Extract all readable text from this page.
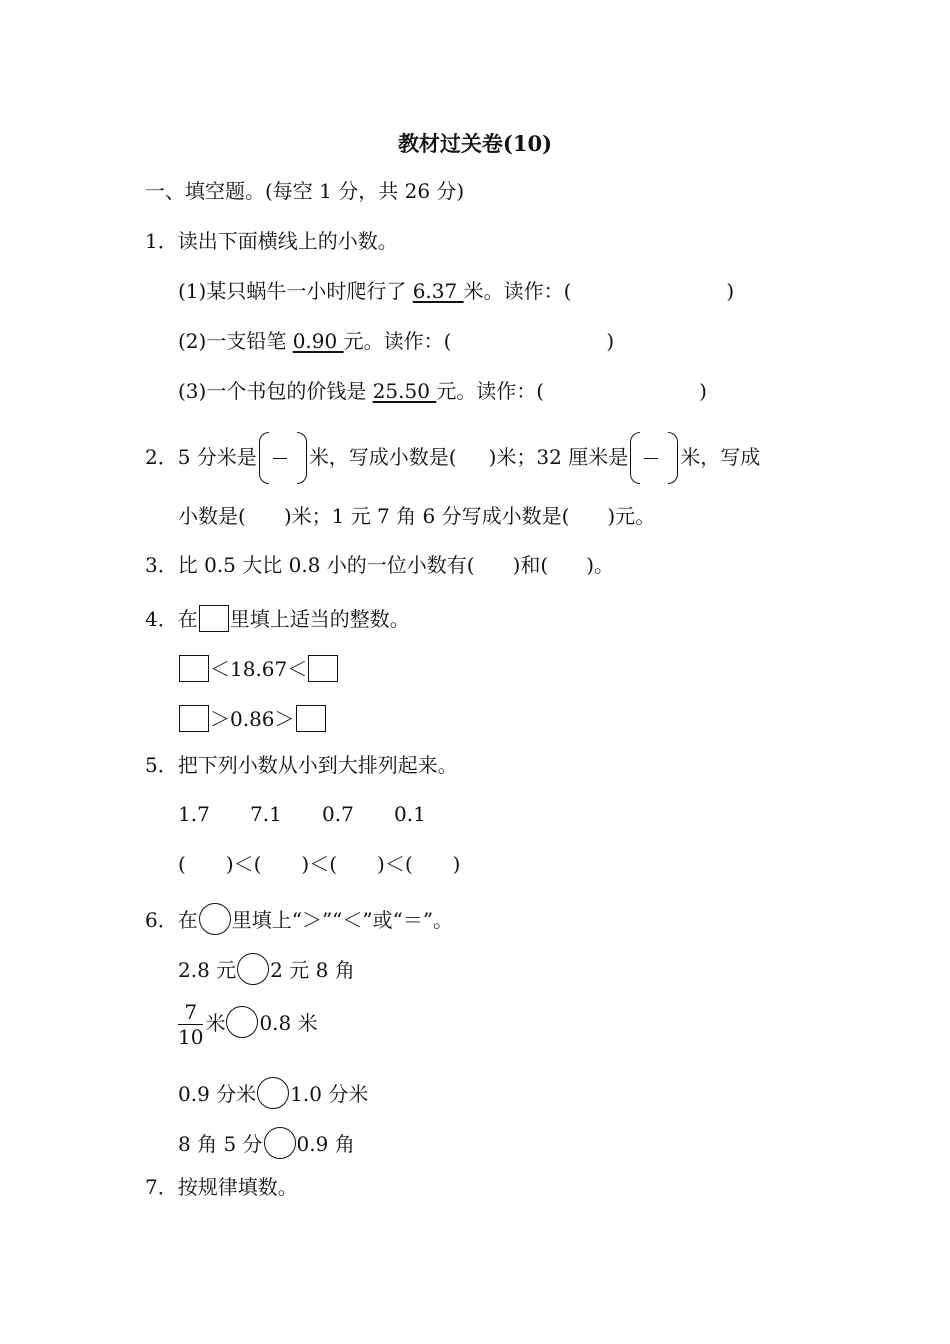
教材过关卷(10)
一、填空题。(每空 1 分，共 26 分)
1．读出下面横线上的小数。
(1)某只蜗牛一小时爬行了 6.37 米。读作：(	)
(2)一支铅笔 0.90 元。读作：(	)
(3)一个书包的价钱是 25.50 元。读作：(	)
2．5 分米是	米，写成小数是( )米；32 厘米是	米，写成
小数是( )米；1 元 7 角 6 分写成小数是( )元。
3．比 0.5 大比 0.8 小的一位小数有( )和( )。
4．在 里填上适当的整数。
＜18.67＜
＞0.86＞
5．把下列小数从小到大排列起来。
1.7 7.1 0.7 0.1
( )＜( )＜( )＜( )
6．在 里填上“＞”“＜”或“＝”。
2.8 元 2 元 8 角
$\frac{7}{10}$ 米 0.8 米
0.9 分米 1.0 分米
8 角 5 分 0.9 角
7．按规律填数。
